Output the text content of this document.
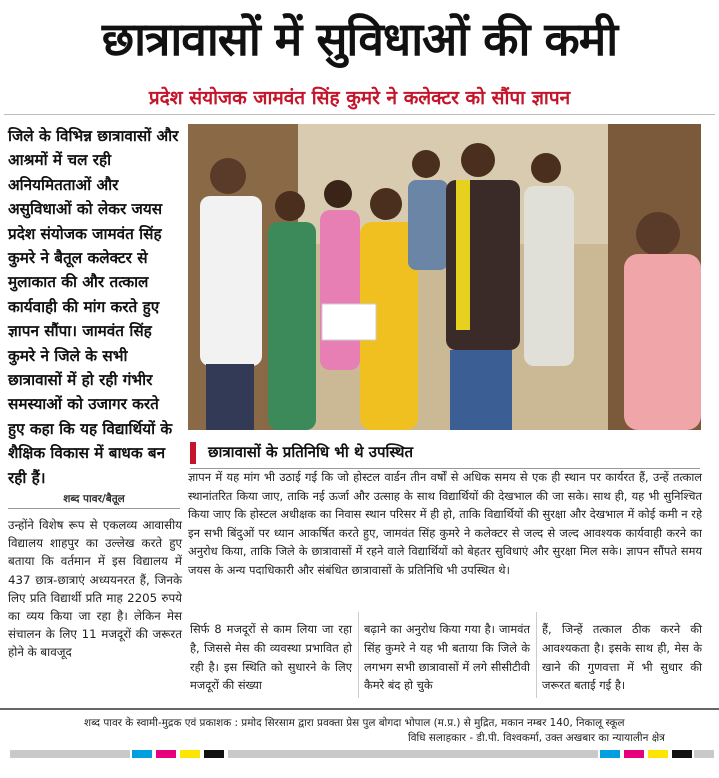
छात्रावासों में सुविधाओं की कमी
प्रदेश संयोजक जामवंत सिंह कुमरे ने कलेक्टर को सौंपा ज्ञापन

जिले के विभिन्न छात्रावासों और आश्रमों में चल रही अनियमितताओं और असुविधाओं को लेकर जयस प्रदेश संयोजक जामवंत सिंह कुमरे ने बैतूल कलेक्टर से मुलाकात की और तत्काल कार्यवाही की मांग करते हुए ज्ञापन सौंपा। जामवंत सिंह कुमरे ने जिले के सभी छात्रावासों में हो रही गंभीर समस्याओं को उजागर करते हुए कहा कि यह विद्यार्थियों के शैक्षिक विकास में बाधक बन रही हैं।

शब्द पावर/बैतूल
उन्होंने विशेष रूप से एकलव्य आवासीय विद्यालय शाहपुर का उल्लेख करते हुए बताया कि वर्तमान में इस विद्यालय में 437 छात्र-छात्राएं अध्ययनरत हैं, जिनके लिए प्रति विद्यार्थी प्रति माह 2205 रुपये का व्यय किया जा रहा है। लेकिन मेस संचालन के लिए 11 मजदूरों की जरूरत होने के बावजूद
छात्रावासों के प्रतिनिधि भी थे उपस्थित
ज्ञापन में यह मांग भी उठाई गई कि जो होस्टल वार्डन तीन वर्षों से अधिक समय से एक ही स्थान पर कार्यरत हैं, उन्हें तत्काल स्थानांतरित किया जाए, ताकि नई ऊर्जा और उत्साह के साथ विद्यार्थियों की देखभाल की जा सके। साथ ही, यह भी सुनिश्चित किया जाए कि होस्टल अधीक्षक का निवास स्थान परिसर में ही हो, ताकि विद्यार्थियों की सुरक्षा और देखभाल में कोई कमी न रहे इन सभी बिंदुओं पर ध्यान आकर्षित करते हुए, जामवंत सिंह कुमरे ने कलेक्टर से जल्द से जल्द आवश्यक कार्यवाही करने का अनुरोध किया, ताकि जिले के छात्रावासों में रहने वाले विद्यार्थियों को बेहतर सुविधाएं और सुरक्षा मिल सके। ज्ञापन सौंपते समय जयस के अन्य पदाधिकारी और संबंधित छात्रावासों के प्रतिनिधि भी उपस्थित थे।
सिर्फ 8 मजदूरों से काम लिया जा रहा है, जिससे मेस की व्यवस्था प्रभावित हो रही है। इस स्थिति को सुधारने के लिए मजदूरों की संख्या
बढ़ाने का अनुरोध किया गया है। जामवंत सिंह कुमरे ने यह भी बताया कि जिले के लगभग सभी छात्रावासों में लगे सीसीटीवी कैमरे बंद हो चुके
हैं, जिन्हें तत्काल ठीक करने की आवश्यकता है। इसके साथ ही, मेस के खाने की गुणवत्ता में भी सुधार की जरूरत बताई गई है।
शब्द पावर के स्वामी-मुद्रक एवं प्रकाशक : प्रमोद सिरसाम द्वारा प्रवक्ता प्रेस पुल बोगदा भोपाल (म.प्र.) से मुद्रित, मकान नम्बर 140, निकालू स्कूल
विधि सलाहकार - डी.पी. विश्वकर्मा, उक्त अखबार का न्यायालीन क्षेत्र
